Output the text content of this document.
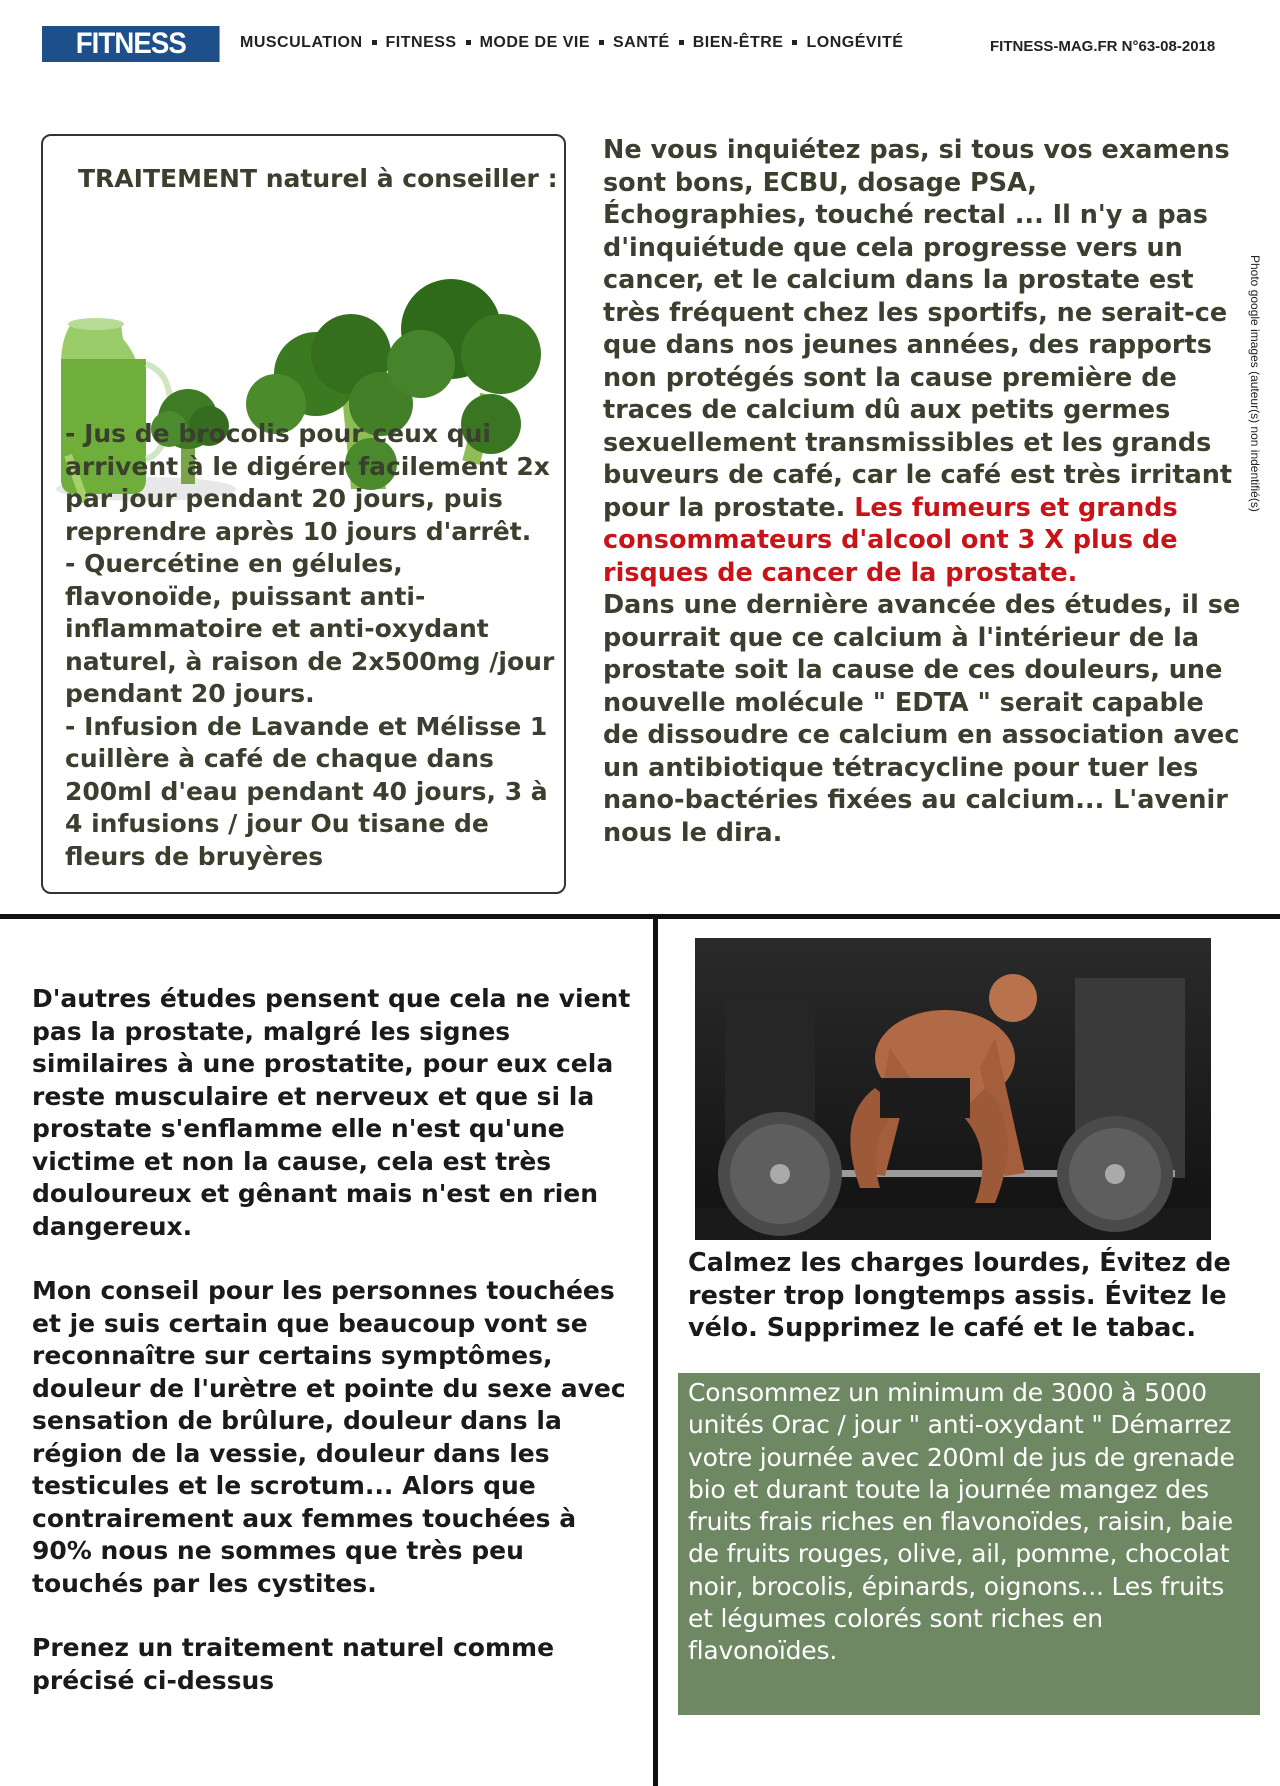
FITNESS MAG
MUSCULATION FITNESS MODE DE VIE SANTÉ BIEN-ÊTRE LONGÉVITÉ	FITNESS-MAG.FR N°63-08-2018
Photo google images (auteur(s) non indentifié(s)
TRAITEMENT naturel à conseiller :

- Jus de brocolis pour ceux qui arrivent à le digérer facilement 2x par jour pendant 20 jours, puis reprendre après 10 jours d'arrêt.

- Quercétine en gélules, flavonoïde, puissant anti-inflammatoire et anti-oxydant naturel, à raison de 2x500mg /jour pendant 20 jours.

- Infusion de Lavande et Mélisse 1 cuillère à café de chaque dans 200ml d'eau pendant 40 jours, 3 à 4 infusions / jour Ou tisane de fleurs de bruyères

Ne vous inquiétez pas, si tous vos examens sont bons, ECBU, dosage PSA, Échographies, touché rectal ... Il n'y a pas d'inquiétude que cela progresse vers un cancer, et le calcium dans la prostate est très fréquent chez les sportifs, ne serait-ce que dans nos jeunes années, des rapports non protégés sont la cause première de traces de calcium dû aux petits germes sexuellement transmissibles et les grands buveurs de café, car le café est très irritant pour la prostate. Les fumeurs et grands consommateurs d'alcool ont 3 X plus de risques de cancer de la prostate.
Dans une dernière avancée des études, il se pourrait que ce calcium à l'intérieur de la prostate soit la cause de ces douleurs, une nouvelle molécule " EDTA " serait capable de dissoudre ce calcium en association avec un antibiotique tétracycline pour tuer les nano-bactéries fixées au calcium... L'avenir nous le dira.

D'autres études pensent que cela ne vient pas la prostate, malgré les signes similaires à une prostatite, pour eux cela reste musculaire et nerveux et que si la prostate s'enflamme elle n'est qu'une victime et non la cause, cela est très douloureux et gênant mais n'est en rien dangereux.

Mon conseil pour les personnes touchées et je suis certain que beaucoup vont se reconnaître sur certains symptômes, douleur de l'urètre et pointe du sexe avec sensation de brûlure, douleur dans la région de la vessie, douleur dans les testicules et le scrotum... Alors que contrairement aux femmes touchées à 90% nous ne sommes que très peu touchés par les cystites.

Prenez un traitement naturel comme précisé ci-dessus

Calmez les charges lourdes, Évitez de rester trop longtemps assis. Évitez le vélo. Supprimez le café et le tabac.
Consommez un minimum de 3000 à 5000 unités Orac / jour " anti-oxydant " Démarrez votre journée avec 200ml de jus de grenade bio et durant toute la journée mangez des fruits frais riches en flavonoïdes, raisin, baie de fruits rouges, olive, ail, pomme, chocolat noir, brocolis, épinards, oignons... Les fruits et légumes colorés sont riches en flavonoïdes.
